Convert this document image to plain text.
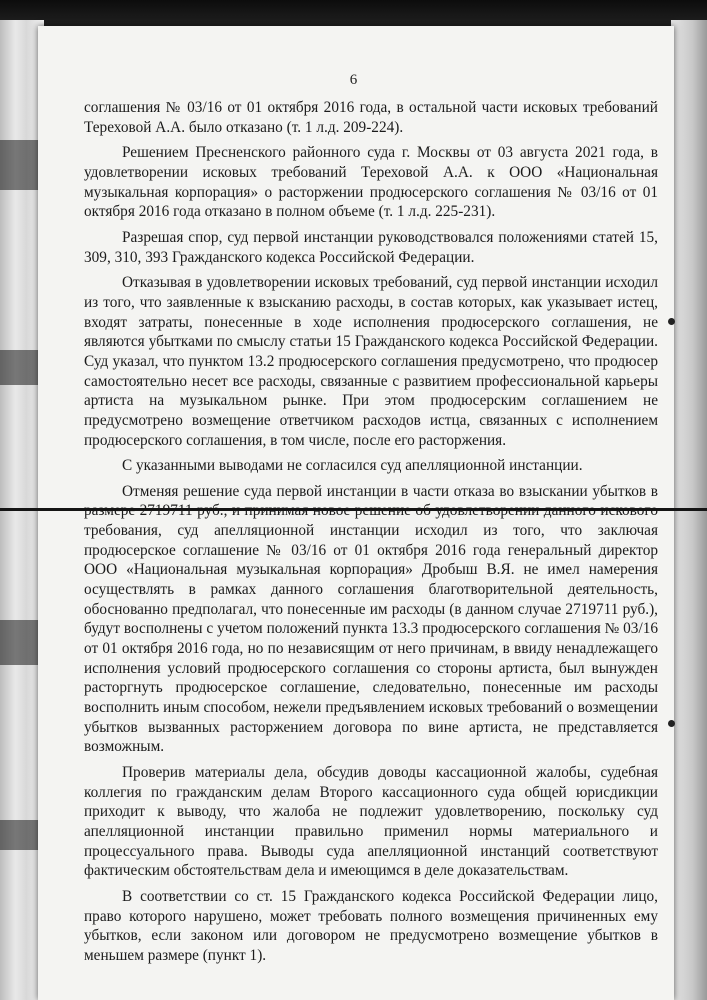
6

соглашения № 03/16 от 01 октября 2016 года, в остальной части исковых требований Тереховой А.А. было отказано (т. 1 л.д. 209-224).

Решением Пресненского районного суда г. Москвы от 03 августа 2021 года, в удовлетворении исковых требований Тереховой А.А. к ООО «Национальная музыкальная корпорация» о расторжении продюсерского соглашения № 03/16 от 01 октября 2016 года отказано в полном объеме (т. 1 л.д. 225-231).

Разрешая спор, суд первой инстанции руководствовался положениями статей 15, 309, 310, 393 Гражданского кодекса Российской Федерации.

Отказывая в удовлетворении исковых требований, суд первой инстанции исходил из того, что заявленные к взысканию расходы, в состав которых, как указывает истец, входят затраты, понесенные в ходе исполнения продюсерского соглашения, не являются убытками по смыслу статьи 15 Гражданского кодекса Российской Федерации. Суд указал, что пунктом 13.2 продюсерского соглашения предусмотрено, что продюсер самостоятельно несет все расходы, связанные с развитием профессиональной карьеры артиста на музыкальном рынке. При этом продюсерским соглашением не предусмотрено возмещение ответчиком расходов истца, связанных с исполнением продюсерского соглашения, в том числе, после его расторжения.

С указанными выводами не согласился суд апелляционной инстанции.

Отменяя решение суда первой инстанции в части отказа во взыскании убытков в требования, суд апелляционной инстанции исходил из того, что заключая продюсерское соглашение № 03/16 от 01 октября 2016 года генеральный директор ООО «Национальная музыкальная корпорация» Дробыш В.Я. не имел намерения осуществлять в рамках данного соглашения благотворительной деятельность, обоснованно предполагал, что понесенные им расходы (в данном случае 2719711 руб.), будут восполнены с учетом положений пункта 13.3 продюсерского соглашения № 03/16 от 01 октября 2016 года, но по независящим от него причинам, в ввиду ненадлежащего исполнения условий продюсерского соглашения со стороны артиста, был вынужден расторгнуть продюсерское соглашение, следовательно, понесенные им расходы восполнить иным способом, нежели предъявлением исковых требований о возмещении убытков вызванных расторжением договора по вине артиста, не представляется возможным.

Проверив материалы дела, обсудив доводы кассационной жалобы, судебная коллегия по гражданским делам Второго кассационного суда общей юрисдикции приходит к выводу, что жалоба не подлежит удовлетворению, поскольку суд апелляционной инстанции правильно применил нормы материального и процессуального права. Выводы суда апелляционной инстанций соответствуют фактическим обстоятельствам дела и имеющимся в деле доказательствам.

В соответствии со ст. 15 Гражданского кодекса Российской Федерации лицо, право которого нарушено, может требовать полного возмещения причиненных ему убытков, если законом или договором не предусмотрено возмещение убытков в меньшем размере (пункт 1).
